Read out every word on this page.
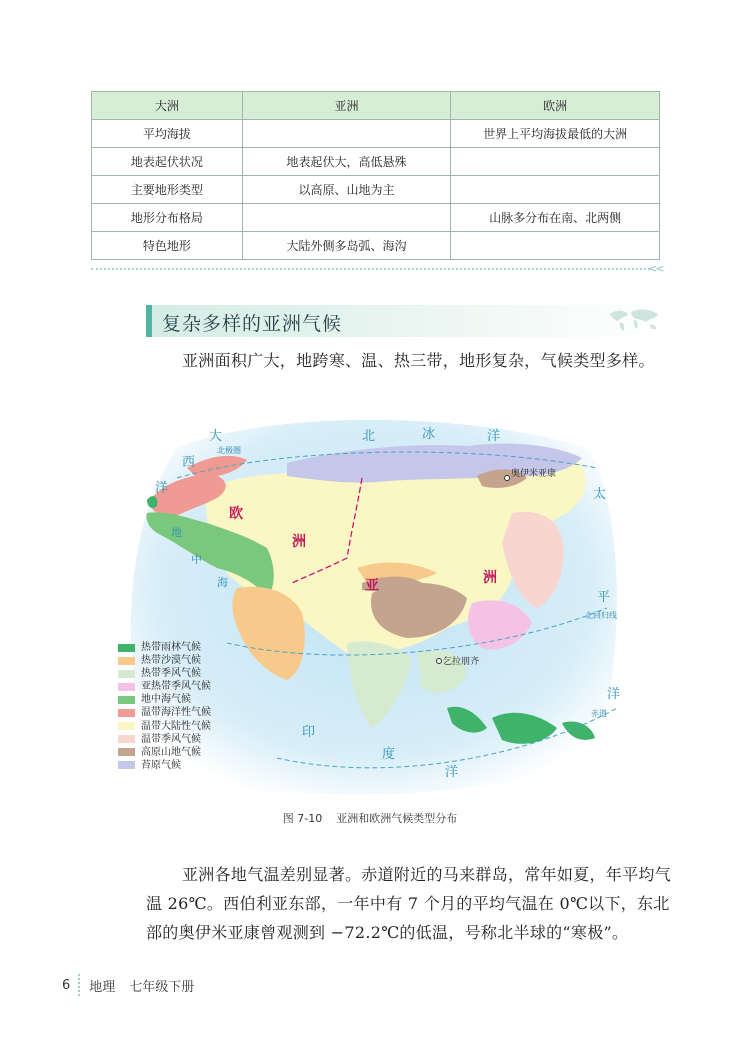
大洲	亚洲	欧洲
平均海拔		世界上平均海拔最低的大洲
地表起伏状况	地表起伏大，高低悬殊	
主要地形类型	以高原、山地为主	
地形分布格局		山脉多分布在南、北两侧
特色地形	大陆外侧多岛弧、海沟	
<<
复杂多样的亚洲气候
亚洲面积广大，地跨寒、温、热三带，地形复杂，气候类型多样。
奥伊米亚康
乞拉朋齐
北极圈
北回归线
赤道
大
西
洋
北	冰	洋
太
平
洋
印
度
洋
地
中
海
欧
洲
亚	洲
热带雨林气候
热带沙漠气候
热带季风气候
亚热带季风气候
地中海气候
温带海洋性气候
温带大陆性气候
温带季风气候
高原山地气候
苔原气候
图 7-10 亚洲和欧洲气候类型分布
亚洲各地气温差别显著。赤道附近的马来群岛，常年如夏，年平均气温 26℃。西伯利亚东部，一年中有 7 个月的平均气温在 0℃以下，东北部的奥伊米亚康曾观测到 −72.2℃的低温，号称北半球的“寒极”。
6 地理 七年级下册
